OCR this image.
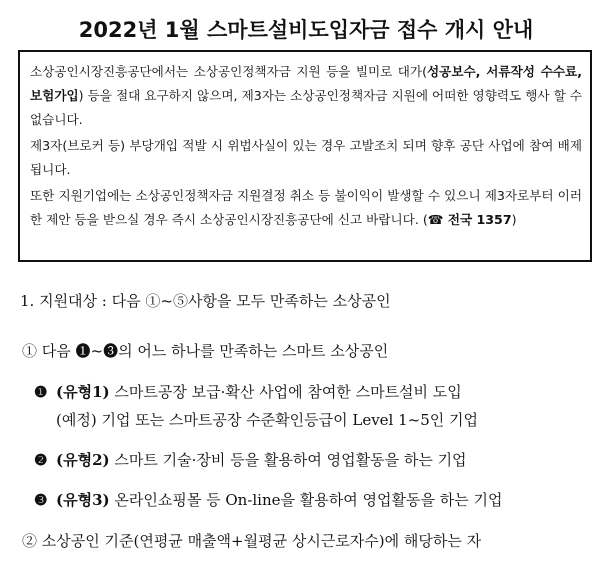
2022년 1월 스마트설비도입자금 접수 개시 안내

소상공인시장진흥공단에서는 소상공인정책자금 지원 등을 빌미로 대가(성공보수, 서류작성 수수료, 보험가입) 등을 절대 요구하지 않으며, 제3자는 소상공인정책자금 지원에 어떠한 영향력도 행사 할 수 없습니다.

제3자(브로커 등) 부당개입 적발 시 위법사실이 있는 경우 고발조치 되며 향후 공단 사업에 참여 배제됩니다.

또한 지원기업에는 소상공인정책자금 지원결정 취소 등 불이익이 발생할 수 있으니 제3자로부터 이러한 제안 등을 받으실 경우 즉시 소상공인시장진흥공단에 신고 바랍니다. (☎ 전국 1357)

1. 지원대상 : 다음 ①~⑤사항을 모두 만족하는 소상공인
① 다음 ❶~❸의 어느 하나를 만족하는 스마트 소상공인
❶ (유형1) 스마트공장 보급·확산 사업에 참여한 스마트설비 도입
(예정) 기업 또는 스마트공장 수준확인등급이 Level 1~5인 기업
❷ (유형2) 스마트 기술·장비 등을 활용하여 영업활동을 하는 기업
❸ (유형3) 온라인쇼핑몰 등 On-line을 활용하여 영업활동을 하는 기업
② 소상공인 기준(연평균 매출액+월평균 상시근로자수)에 해당하는 자
